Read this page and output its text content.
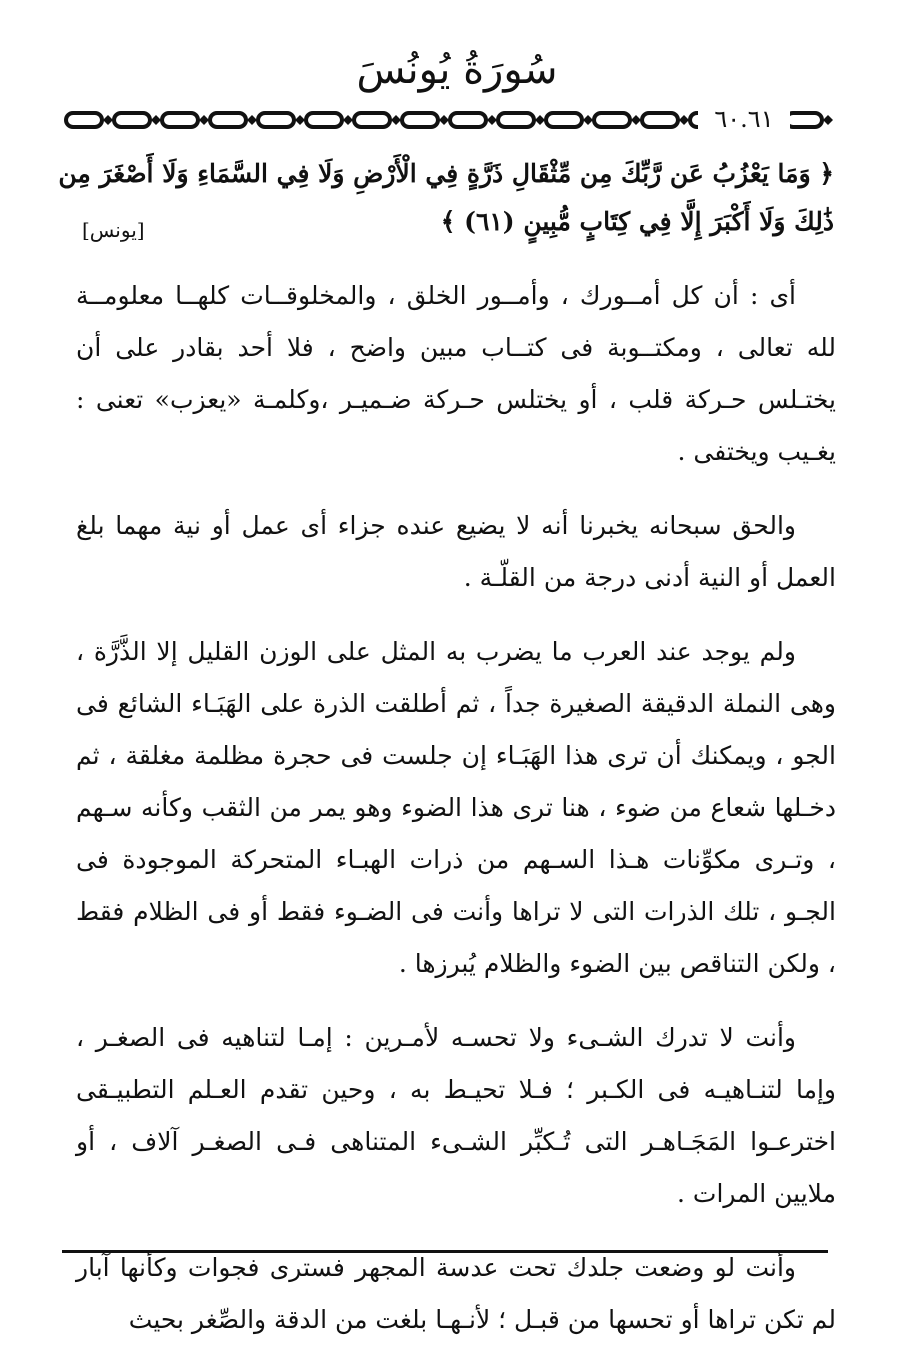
سُورَةُ يُونُسَ
٦٠.٦١
﴿ وَمَا يَعْزُبُ عَن رَّبِّكَ مِن مِّثْقَالِ ذَرَّةٍ فِي الْأَرْضِ وَلَا فِي السَّمَاءِ وَلَا أَصْغَرَ مِن
ذَٰلِكَ وَلَا أَكْبَرَ إِلَّا فِي كِتَابٍ مُّبِينٍ (٦١) ﴾
[يونس]

أى : أن كل أمــورك ، وأمــور الخلق ، والمخلوقــات كلهــا معلومــة لله تعالى ، ومكتــوبة فى كتــاب مبين واضح ، فلا أحد بقادر على أن يختـلس حـركة قلب ، أو يختلس حـركة ضـميـر ،وكلمـة «يعزب» تعنى : يغـيب ويختفى .

والحق سبحانه يخبرنا أنه لا يضيع عنده جزاء أى عمل أو نية مهما بلغ العمل أو النية أدنى درجة من القلّـة .

ولم يوجد عند العرب ما يضرب به المثل على الوزن القليل إلا الذَّرَّة ، وهى النملة الدقيقة الصغيرة جداً ، ثم أطلقت الذرة على الهَبَـاء الشائع فى الجو ، ويمكنك أن ترى هذا الهَبَـاء إن جلست فى حجرة مظلمة مغلقة ، ثم دخـلها شعاع من ضوء ، هنا ترى هذا الضوء وهو يمر من الثقب وكأنه سـهم ، وتـرى مكوِّنات هـذا السـهم من ذرات الهبـاء المتحركة الموجودة فى الجـو ، تلك الذرات التى لا تراها وأنت فى الضـوء فقط أو فى الظلام فقط ، ولكن التناقص بين الضوء والظلام يُبرزها .

وأنت لا تدرك الشـىء ولا تحسـه لأمـرين : إمـا لتناهيه فى الصغـر ، وإما لتنـاهيـه فى الكـبر ؛ فـلا تحيـط به ، وحين تقدم العـلم التطبيـقى اخترعـوا المَجَـاهـر التى تُـكبِّر الشـىء المتناهى فـى الصغـر آلاف ، أو ملايين المرات .

وأنت لو وضعت جلدك تحت عدسة المجهر فسترى فجوات وكأنها آبار لم تكن تراها أو تحسها من قبـل ؛ لأنـهـا بلغت من الدقة والصِّغر بحيث
